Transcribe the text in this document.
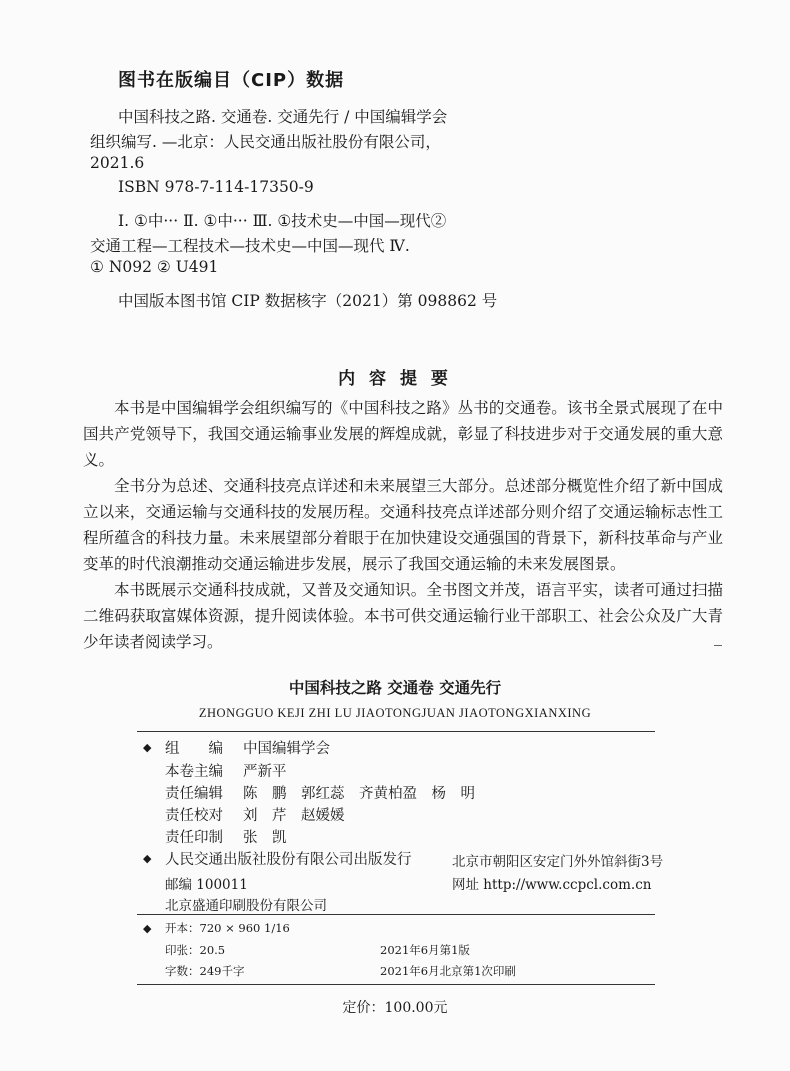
图书在版编目（CIP）数据
中国科技之路. 交通卷. 交通先行 / 中国编辑学会
组织编写. —北京：人民交通出版社股份有限公司，
2021.6
ISBN 978-7-114-17350-9
Ⅰ. ①中··· Ⅱ. ①中··· Ⅲ. ①技术史—中国—现代②
交通工程—工程技术—技术史—中国—现代 Ⅳ.
① N092 ② U491
中国版本图书馆 CIP 数据核字（2021）第 098862 号
内 容 提 要
本书是中国编辑学会组织编写的《中国科技之路》丛书的交通卷。该书全景式展现了在中国共产党领导下，我国交通运输事业发展的辉煌成就，彰显了科技进步对于交通发展的重大意义。
全书分为总述、交通科技亮点详述和未来展望三大部分。总述部分概览性介绍了新中国成立以来，交通运输与交通科技的发展历程。交通科技亮点详述部分则介绍了交通运输标志性工程所蕴含的科技力量。未来展望部分着眼于在加快建设交通强国的背景下，新科技革命与产业变革的时代浪潮推动交通运输进步发展，展示了我国交通运输的未来发展图景。
本书既展示交通科技成就，又普及交通知识。全书图文并茂，语言平实，读者可通过扫描二维码获取富媒体资源，提升阅读体验。本书可供交通运输行业干部职工、社会公众及广大青少年读者阅读学习。
中国科技之路 交通卷 交通先行
ZHONGGUO KEJI ZHI LU JIAOTONGJUAN JIAOTONGXIANXING
◆ 组　　编 中国编辑学会
本卷主编 严新平
责任编辑 陈　鹏　郭红蕊　齐黄柏盈　杨　明
责任校对 刘　芹　赵媛媛
责任印制 张　凯
◆ 人民交通出版社股份有限公司出版发行	北京市朝阳区安定门外外馆斜街3号
邮编 100011	网址 http://www.ccpcl.com.cn
北京盛通印刷股份有限公司
◆ 开本：720 × 960 1/16
印张：20.5	2021年6月第1版
字数：249千字	2021年6月北京第1次印刷
定价：100.00元
